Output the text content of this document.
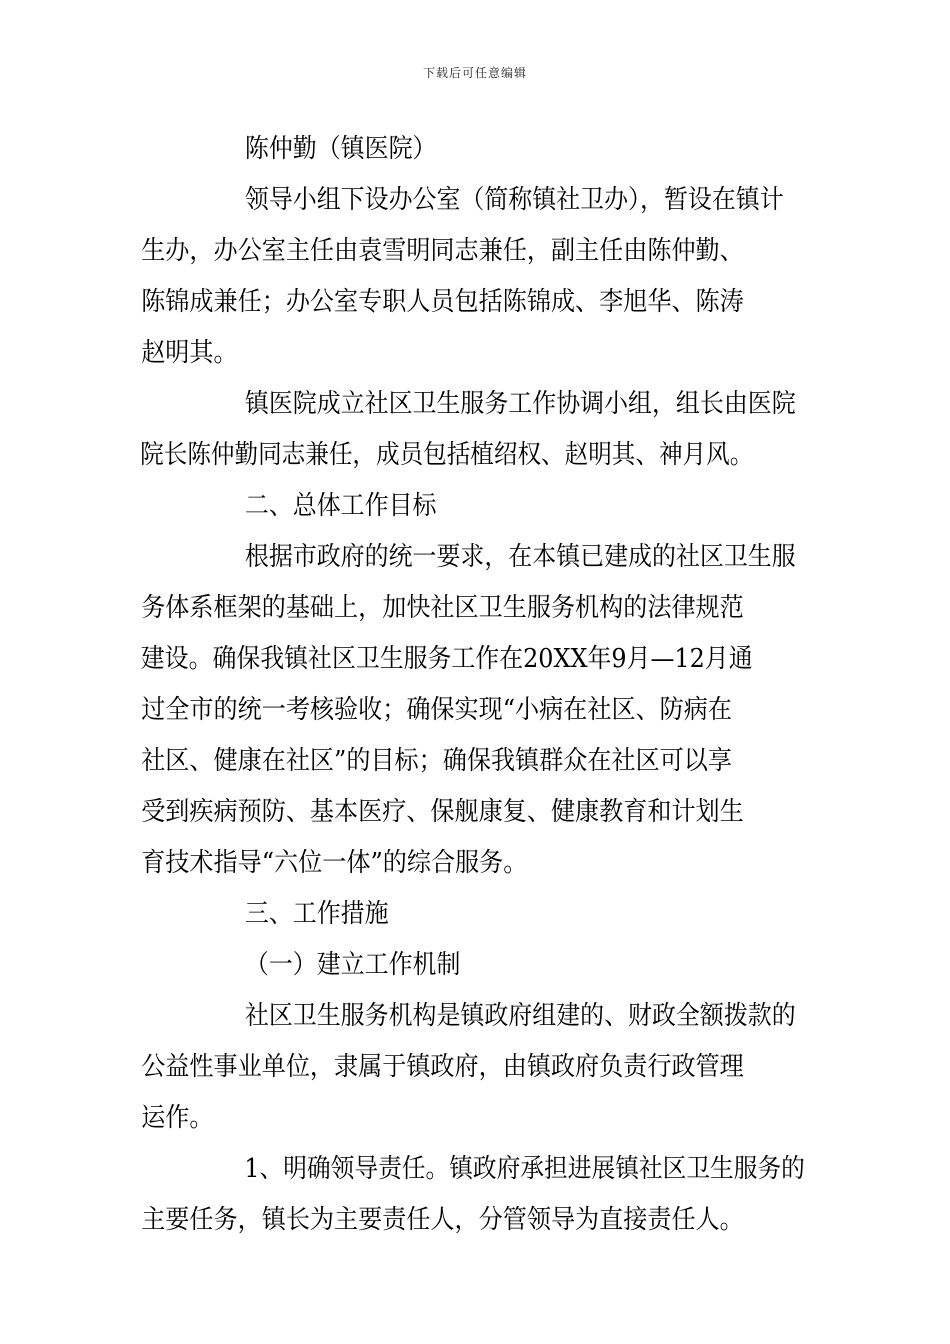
下载后可任意编辑

陈仲勤（镇医院）

领导小组下设办公室（简称镇社卫办），暂设在镇计生办，办公室主任由袁雪明同志兼任，副主任由陈仲勤、陈锦成兼任；办公室专职人员包括陈锦成、李旭华、陈涛赵明其。

镇医院成立社区卫生服务工作协调小组，组长由医院院长陈仲勤同志兼任，成员包括植绍权、赵明其、神月风。

二、总体工作目标

根据市政府的统一要求，在本镇已建成的社区卫生服务体系框架的基础上，加快社区卫生服务机构的法律规范建设。确保我镇社区卫生服务工作在20XX年9月—12月通过全市的统一考核验收；确保实现“小病在社区、防病在社区、健康在社区”的目标；确保我镇群众在社区可以享受到疾病预防、基本医疗、保舰康复、健康教育和计划生育技术指导“六位一体”的综合服务。

三、工作措施

（一）建立工作机制

社区卫生服务机构是镇政府组建的、财政全额拨款的公益性事业单位，隶属于镇政府，由镇政府负责行政管理运作。

1、明确领导责任。镇政府承担进展镇社区卫生服务的主要任务，镇长为主要责任人，分管领导为直接责任人。
